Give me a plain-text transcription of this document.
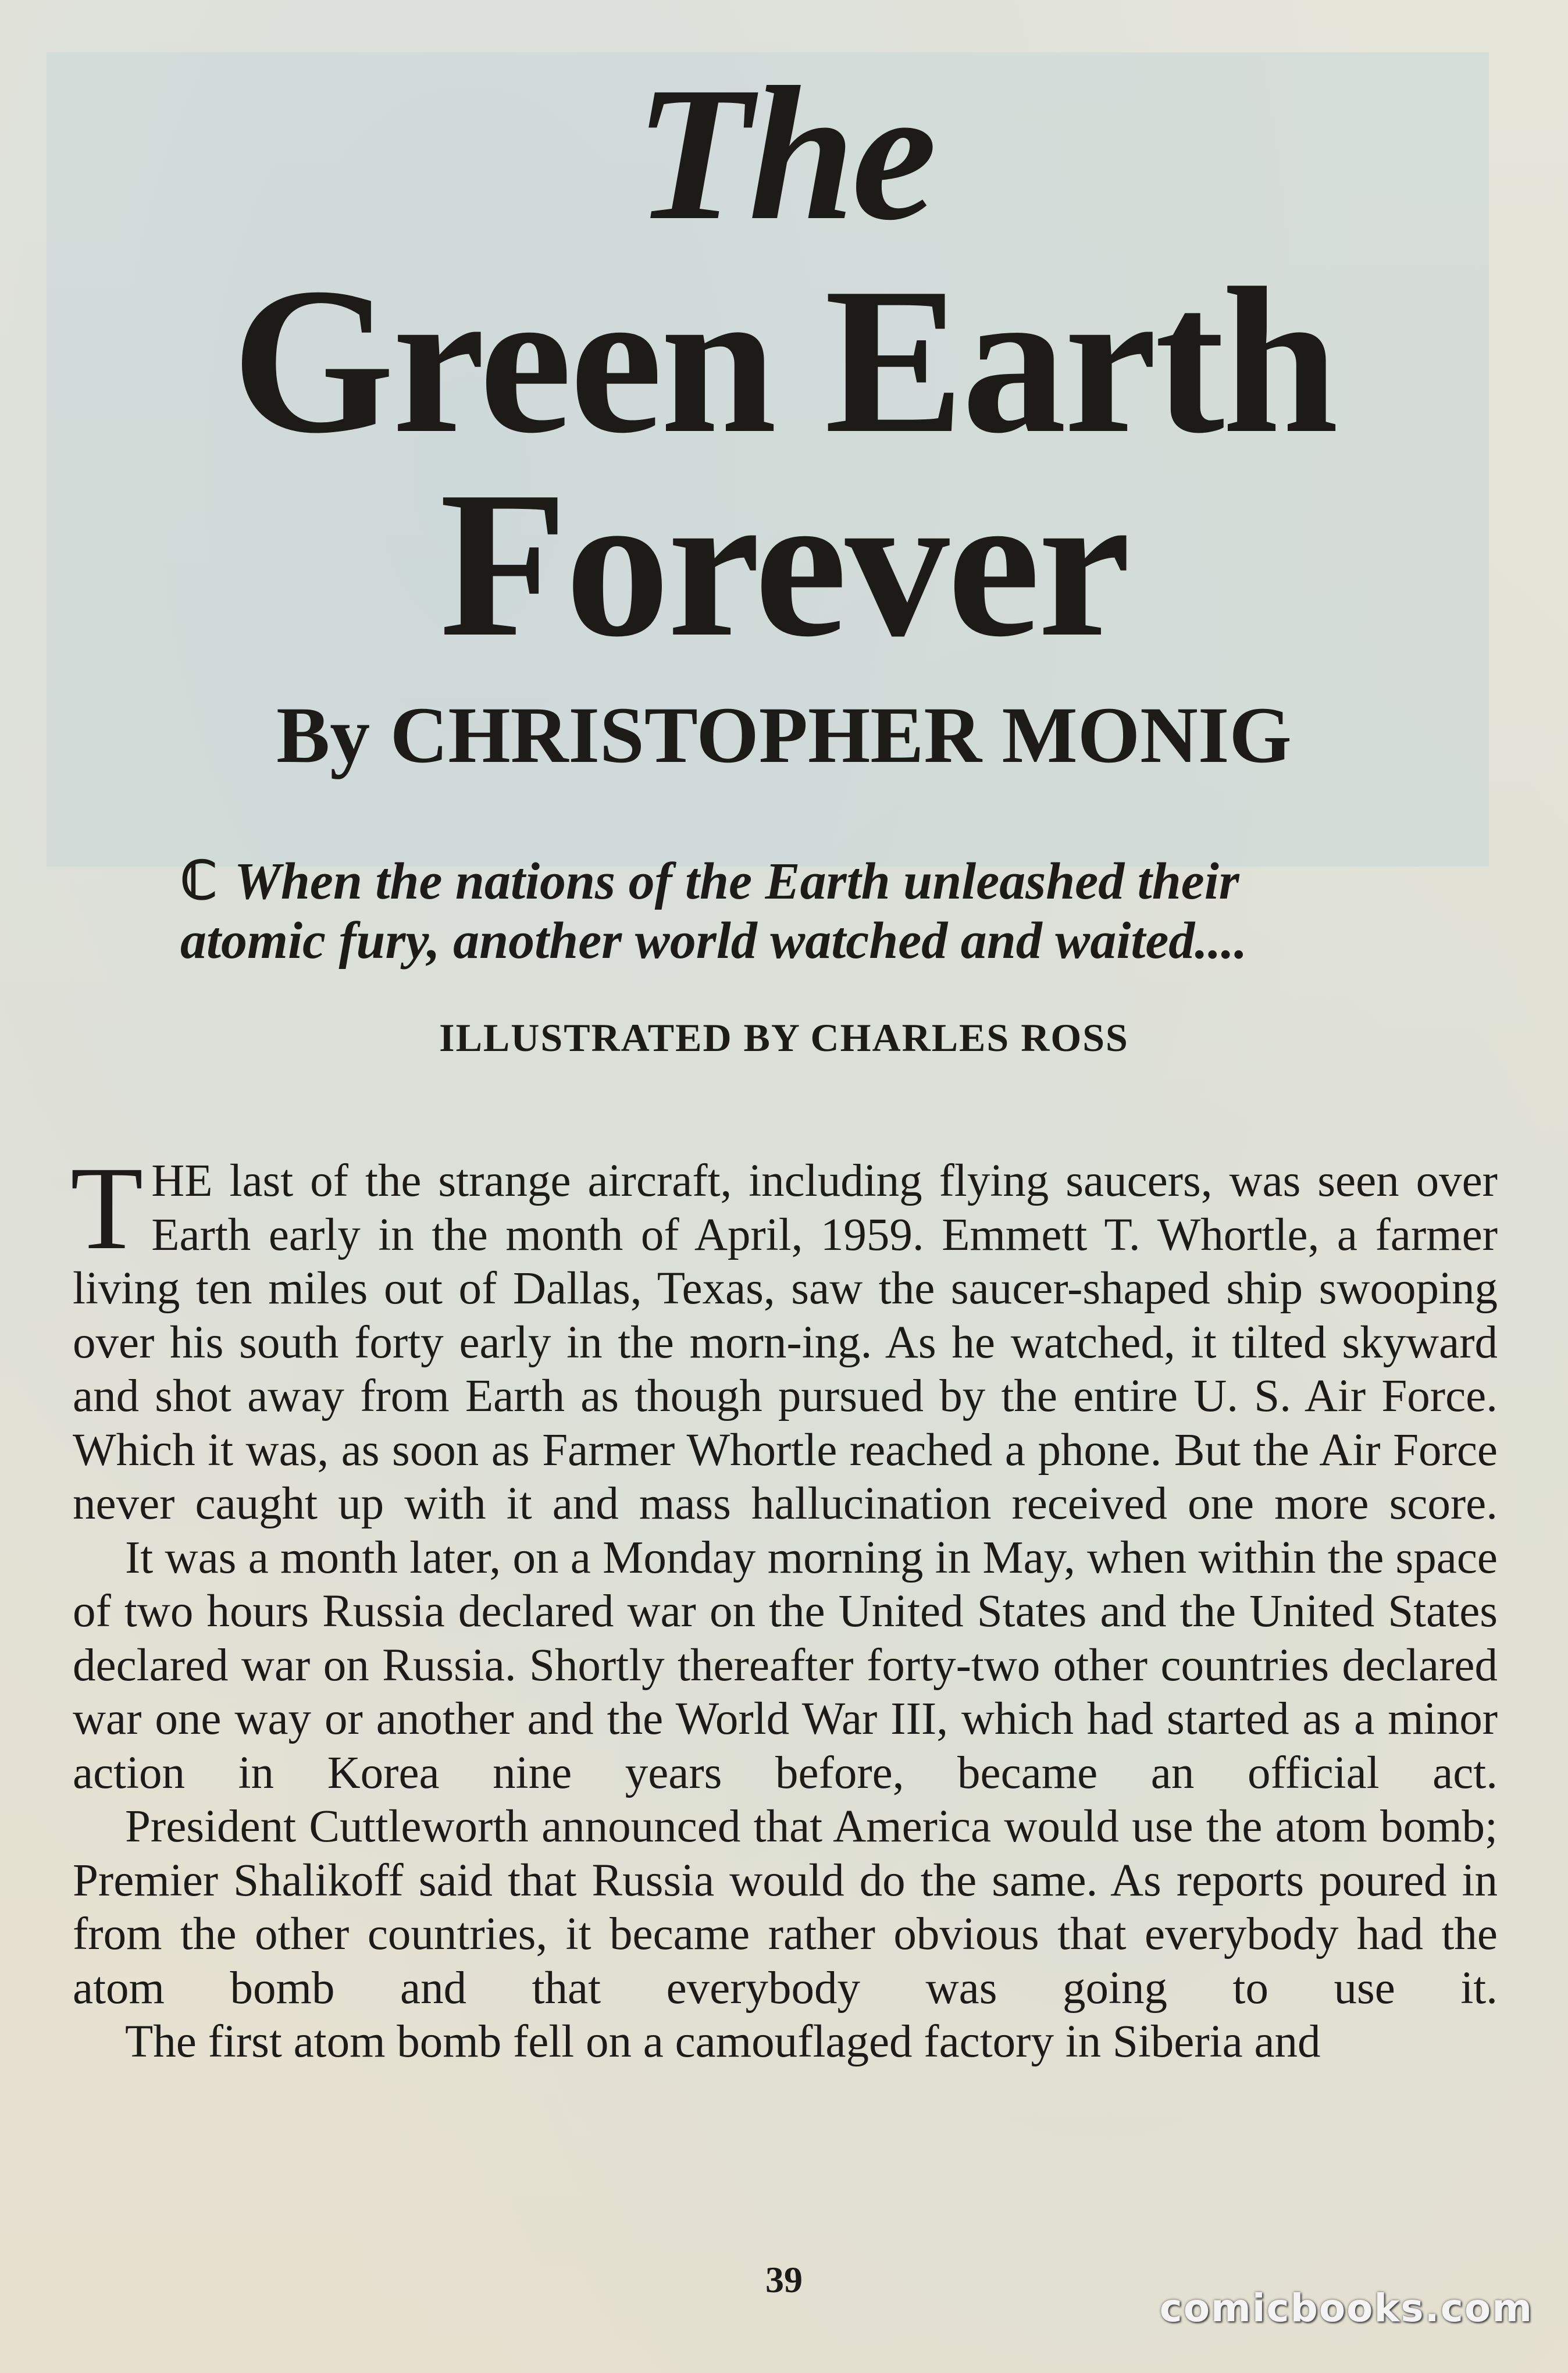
The
Green Earth
Forever
By CHRISTOPHER MONIG
ℂ When the nations of the Earth unleashed their
atomic fury, another world watched and waited....
ILLUSTRATED BY CHARLES ROSS

THE last of the strange aircraft, including flying saucers, was seen over Earth early in the month of April, 1959. Emmett T. Whortle, a farmer living ten miles out of Dallas, Texas, saw the saucer-shaped ship swooping over his south forty early in the morn-ing. As he watched, it tilted skyward and shot away from Earth as though pursued by the entire U. S. Air Force. Which it was, as soon as Farmer Whortle reached a phone. But the Air Force never caught up with it and mass hallucination received one more score.

It was a month later, on a Monday morning in May, when within the space of two hours Russia declared war on the United States and the United States declared war on Russia. Shortly thereafter forty-two other countries declared war one way or another and the World War III, which had started as a minor action in Korea nine years before, became an official act.

President Cuttleworth announced that America would use the atom bomb; Premier Shalikoff said that Russia would do the same. As reports poured in from the other countries, it became rather obvious that everybody had the atom bomb and that everybody was going to use it.

The first atom bomb fell on a camouflaged factory in Siberia and

39
comicbooks.com
